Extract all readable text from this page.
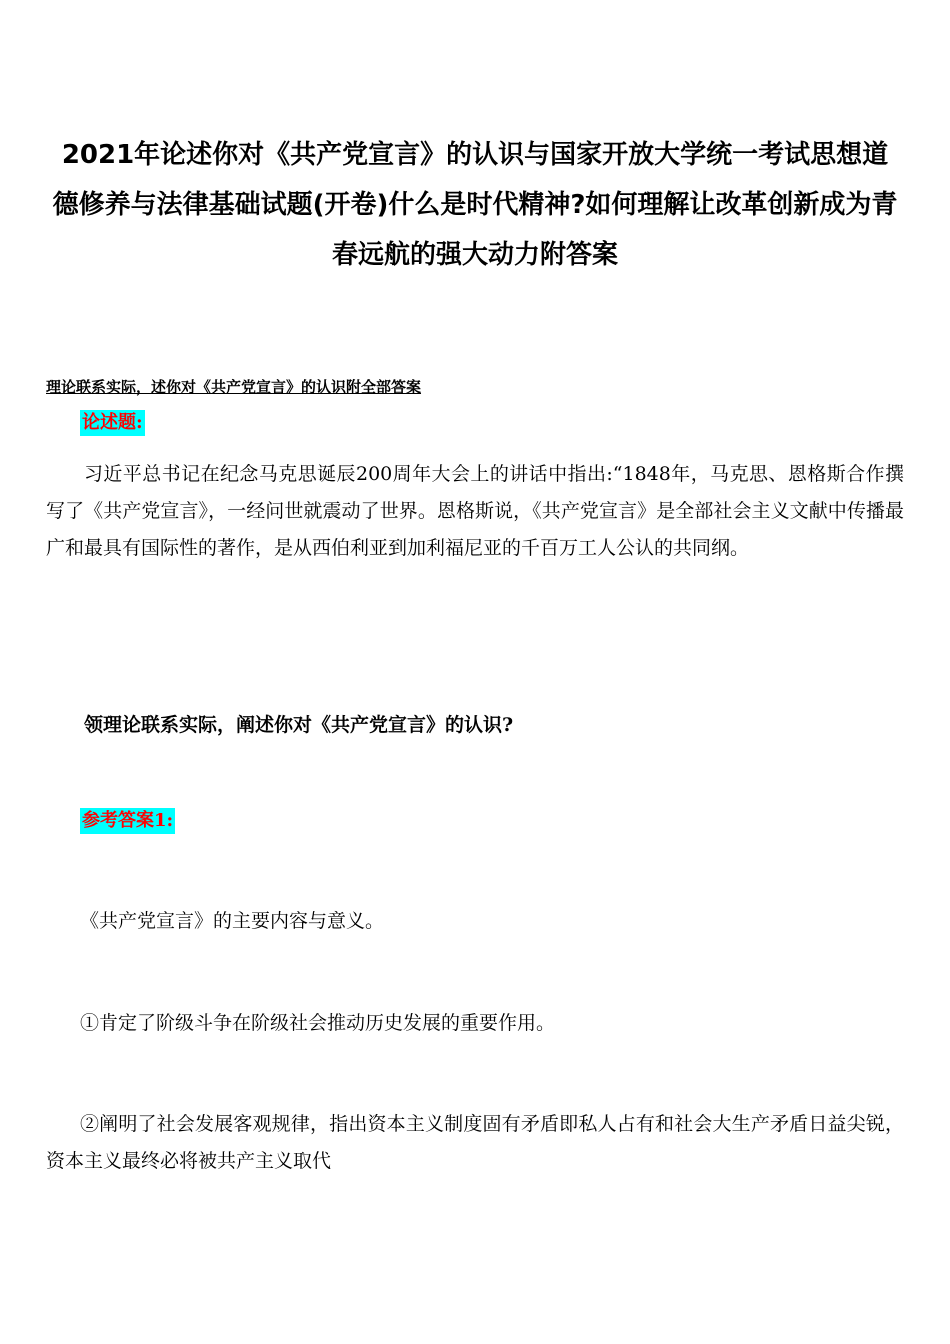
2021年论述你对《共产党宣言》的认识与国家开放大学统一考试思想道德修养与法律基础试题(开卷)什么是时代精神?如何理解让改革创新成为青春远航的强大动力附答案
理论联系实际，述你对《共产党宣言》的认识附全部答案
论述题:

习近平总书记在纪念马克思诞辰200周年大会上的讲话中指出:“1848年，马克思、恩格斯合作撰写了《共产党宣言》，一经问世就震动了世界。恩格斯说，《共产党宣言》是全部社会主义文献中传播最广和最具有国际性的著作，是从西伯利亚到加利福尼亚的千百万工人公认的共同纲。

领理论联系实际，阐述你对《共产党宣言》的认识?
参考答案1:
《共产党宣言》的主要内容与意义。
①肯定了阶级斗争在阶级社会推动历史发展的重要作用。

②阐明了社会发展客观规律，指出资本主义制度固有矛盾即私人占有和社会大生产矛盾日益尖锐，资本主义最终必将被共产主义取代
